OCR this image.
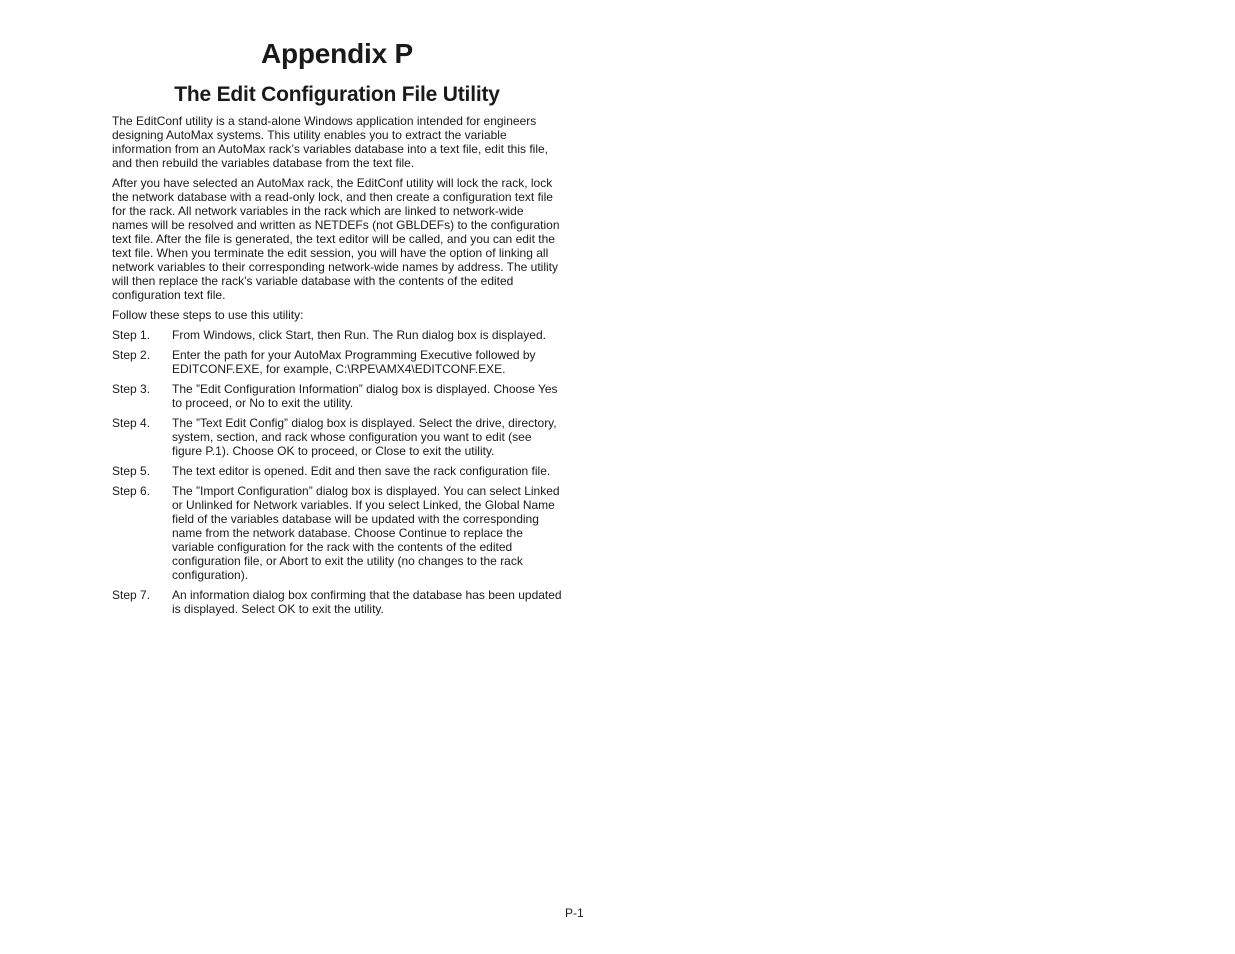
Appendix P
The Edit Configuration File Utility

The EditConf utility is a stand-alone Windows application intended for engineers designing AutoMax systems. This utility enables you to extract the variable information from an AutoMax rack’s variables database into a text file, edit this file, and then rebuild the variables database from the text file.

After you have selected an AutoMax rack, the EditConf utility will lock the rack, lock the network database with a read-only lock, and then create a configuration text file for the rack. All network variables in the rack which are linked to network-wide names will be resolved and written as NETDEFs (not GBLDEFs) to the configuration text file. After the file is generated, the text editor will be called, and you can edit the text file. When you terminate the edit session, you will have the option of linking all network variables to their corresponding network-wide names by address. The utility will then replace the rack’s variable database with the contents of the edited configuration text file.

Follow these steps to use this utility:

Step 1.	From Windows, click Start, then Run. The Run dialog box is displayed.
Step 2.	Enter the path for your AutoMax Programming Executive followed by EDITCONF.EXE, for example, C:\RPE\AMX4\EDITCONF.EXE.
Step 3.	The ”Edit Configuration Information” dialog box is displayed. Choose Yes to proceed, or No to exit the utility.
Step 4.	The ”Text Edit Config” dialog box is displayed. Select the drive, directory, system, section, and rack whose configuration you want to edit (see figure P.1). Choose OK to proceed, or Close to exit the utility.
Step 5.	The text editor is opened. Edit and then save the rack configuration file.
Step 6.	The ”Import Configuration” dialog box is displayed. You can select Linked or Unlinked for Network variables. If you select Linked, the Global Name field of the variables database will be updated with the corresponding name from the network database. Choose Continue to replace the variable configuration for the rack with the contents of the edited configuration file, or Abort to exit the utility (no changes to the rack configuration).
Step 7.	An information dialog box confirming that the database has been updated is displayed. Select OK to exit the utility.
P-1
